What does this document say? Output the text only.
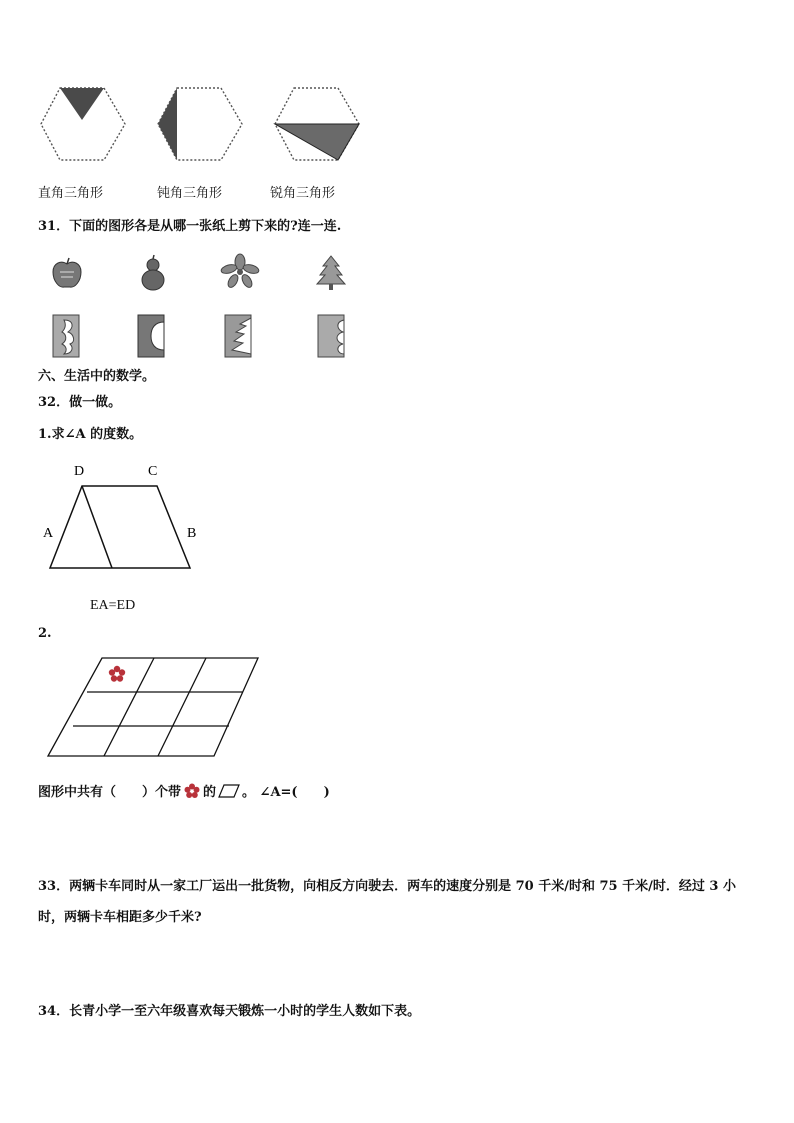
直角三角形	钝角三角形	锐角三角形
31．下面的图形各是从哪一张纸上剪下来的?连一连.
六、生活中的数学。
32．做一做。
1.求∠A 的度数。
D	C
A	B
EA=ED
2.
图形中共有（　　）个带 的 。 ∠A=(　　)
33．两辆卡车同时从一家工厂运出一批货物，向相反方向驶去．两车的速度分别是 70 千米/时和 75 千米/时．经过 3 小
时，两辆卡车相距多少千米?
34．长青小学一至六年级喜欢每天锻炼一小时的学生人数如下表。
